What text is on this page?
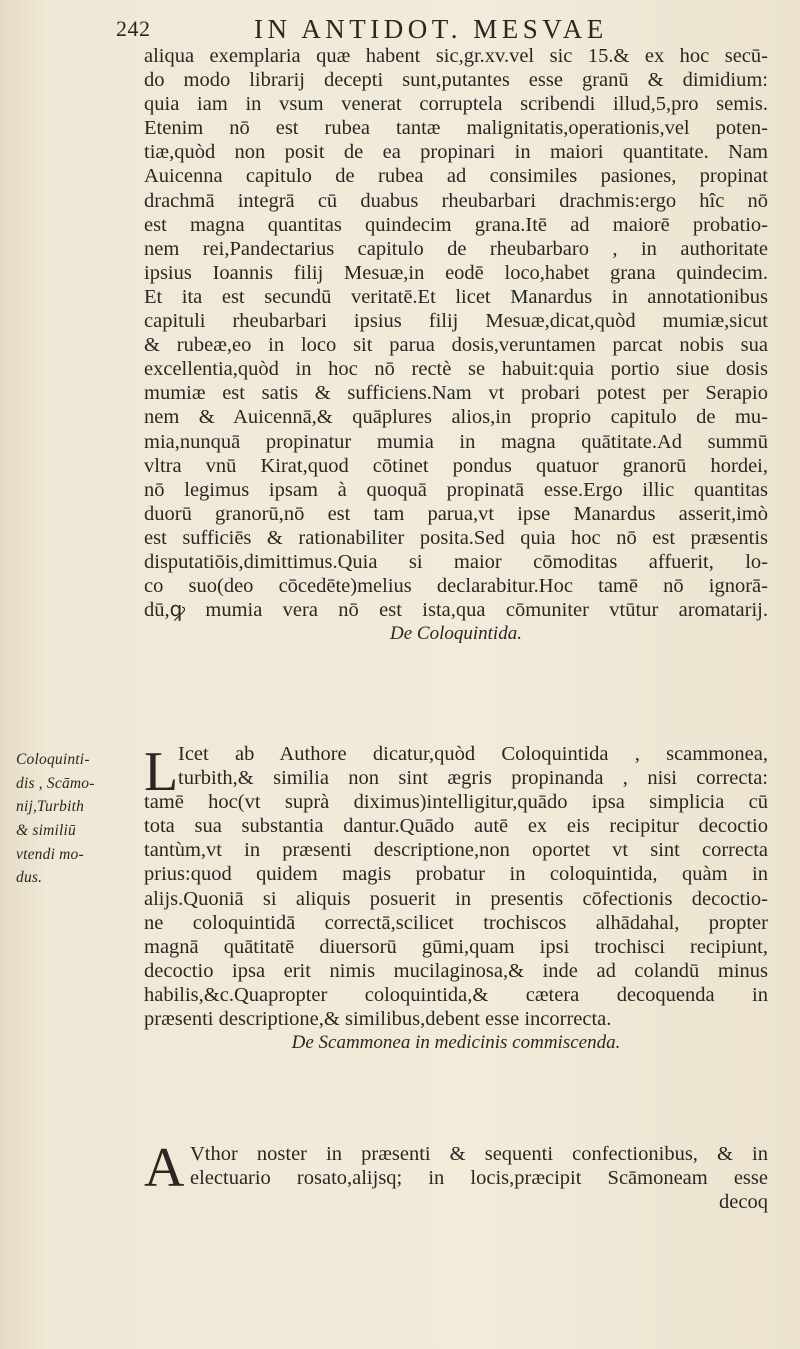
242	IN ANTIDOT. MESVAE
aliqua exemplaria quæ habent sic,gr.xv.vel sic 15.& ex hoc secū-
do modo librarij decepti sunt,putantes esse granū & dimidium:
quia iam in vsum venerat corruptela scribendi illud,5,pro semis.
Etenim nō est rubea tantæ malignitatis,operationis,vel poten-
tiæ,quòd non posit de ea propinari in maiori quantitate. Nam
Auicenna capitulo de rubea ad consimiles pasiones, propinat
drachmā integrā cū duabus rheubarbari drachmis:ergo hîc nō
est magna quantitas quindecim grana.Itē ad maiorē probatio-
nem rei,Pandectarius capitulo de rheubarbaro , in authoritate
ipsius Ioannis filij Mesuæ,in eodē loco,habet grana quindecim.
Et ita est secundū veritatē.Et licet Manardus in annotationibus
capituli rheubarbari ipsius filij Mesuæ,dicat,quòd mumiæ,sicut
& rubeæ,eo in loco sit parua dosis,veruntamen parcat nobis sua
excellentia,quòd in hoc nō rectè se habuit:quia portio siue dosis
mumiæ est satis & sufficiens.Nam vt probari potest per Serapio
nem & Auicennā,& quāplures alios,in proprio capitulo de mu-
mia,nunquā propinatur mumia in magna quātitate.Ad summū
vltra vnū Kirat,quod cōtinet pondus quatuor granorū hordei,
nō legimus ipsam à quoquā propinatā esse.Ergo illic quantitas
duorū granorū,nō est tam parua,vt ipse Manardus asserit,imò
est sufficiēs & rationabiliter posita.Sed quia hoc nō est præsentis
disputatiōis,dimittimus.Quia si maior cōmoditas affuerit, lo-
co suo(deo cōcedēte)melius declarabitur.Hoc tamē nō ignorā-
dū,ꝙ mumia vera nō est ista,qua cōmuniter vtūtur aromatarij.
De Coloquintida.
Coloquinti-
dis , Scāmo-
nij,Turbith
& similiū
vtendi mo-
dus.
L Icet ab Authore dicatur,quòd Coloquintida , scammonea,
turbith,& similia non sint ægris propinanda , nisi correcta:
tamē hoc(vt suprà diximus)intelligitur,quādo ipsa simplicia cū
tota sua substantia dantur.Quādo autē ex eis recipitur decoctio
tantùm,vt in præsenti descriptione,non oportet vt sint correcta
prius:quod quidem magis probatur in coloquintida, quàm in
alijs.Quoniā si aliquis posuerit in presentis cōfectionis decoctio-
ne coloquintidā correctā,scilicet trochiscos alhādahal, propter
magnā quātitatē diuersorū gūmi,quam ipsi trochisci recipiunt,
decoctio ipsa erit nimis mucilaginosa,& inde ad colandū minus
habilis,&c.Quapropter coloquintida,& cætera decoquenda in
præsenti descriptione,& similibus,debent esse incorrecta.
De Scammonea in medicinis commiscenda.
A Vthor noster in præsenti & sequenti confectionibus, & in
electuario rosato,alijsq; in locis,præcipit Scāmoneam esse
decoq
